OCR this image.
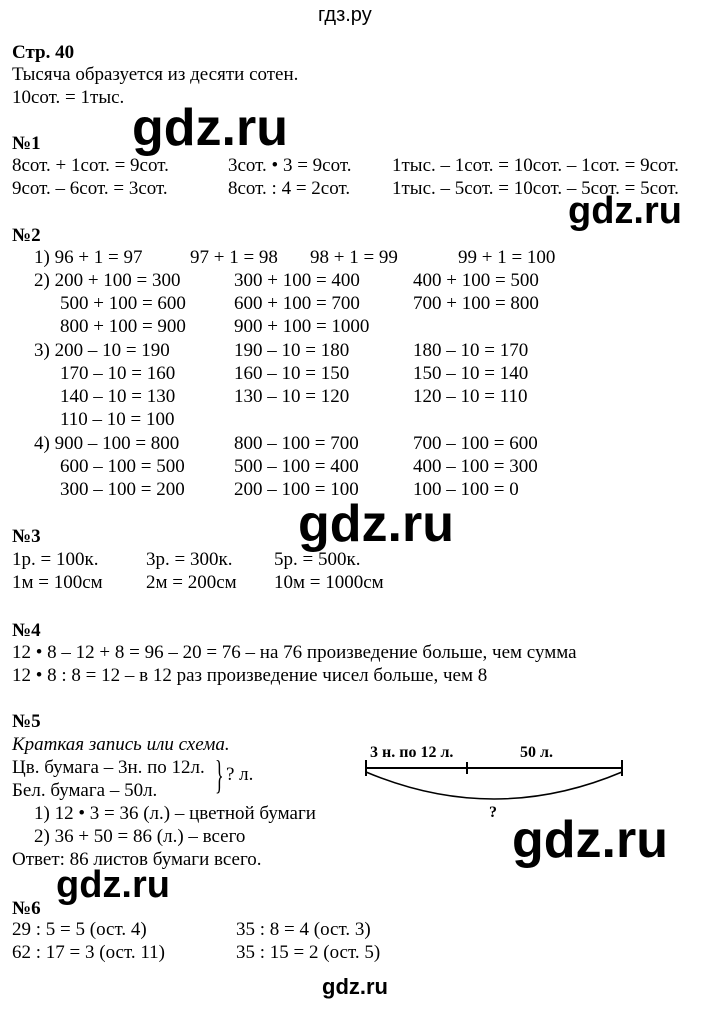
гдз.ру
Стр. 40
Тысяча образуется из десяти сотен.
10сот. = 1тыс.
№1
8сот. + 1сот. = 9сот.	3сот. • 3 = 9сот. 1тыс. – 1сот. = 10сот. – 1сот. = 9сот.
9сот. – 6сот. = 3сот.	8сот. : 4 = 2сот. 1тыс. – 5сот. = 10сот. – 5сот. = 5сот.
№2
1) 96 + 1 = 97 97 + 1 = 98 98 + 1 = 99	99 + 1 = 100
2) 200 + 100 = 300	300 + 100 = 400	400 + 100 = 500
500 + 100 = 600	600 + 100 = 700	700 + 100 = 800
800 + 100 = 900	900 + 100 = 1000
3) 200 – 10 = 190	190 – 10 = 180	180 – 10 = 170
170 – 10 = 160	160 – 10 = 150	150 – 10 = 140
140 – 10 = 130	130 – 10 = 120	120 – 10 = 110
110 – 10 = 100
4) 900 – 100 = 800	800 – 100 = 700	700 – 100 = 600
600 – 100 = 500	500 – 100 = 400	400 – 100 = 300
300 – 100 = 200	200 – 100 = 100	100 – 100 = 0
№3
1р. = 100к.	3р. = 300к. 5р. = 500к.
1м = 100см 2м = 200см 10м = 1000см
№4
12 • 8 – 12 + 8 = 96 – 20 = 76 – на 76 произведение больше, чем сумма
12 • 8 : 8 = 12 – в 12 раз произведение чисел больше, чем 8
№5
Краткая запись или схема.
Цв. бумага – 3н. по 12л.
Бел. бумага – 50л. } ? л.
1) 12 • 3 = 36 (л.) – цветной бумаги
2) 36 + 50 = 86 (л.) – всего
Ответ: 86 листов бумаги всего.
3 н. по 12 л.	50 л.
?
№6
29 : 5 = 5 (ост. 4)	35 : 8 = 4 (ост. 3)
62 : 17 = 3 (ост. 11)	35 : 15 = 2 (ост. 5)
gdz.ru
gdz.ru
gdz.ru
gdz.ru
gdz.ru
gdz.ru
